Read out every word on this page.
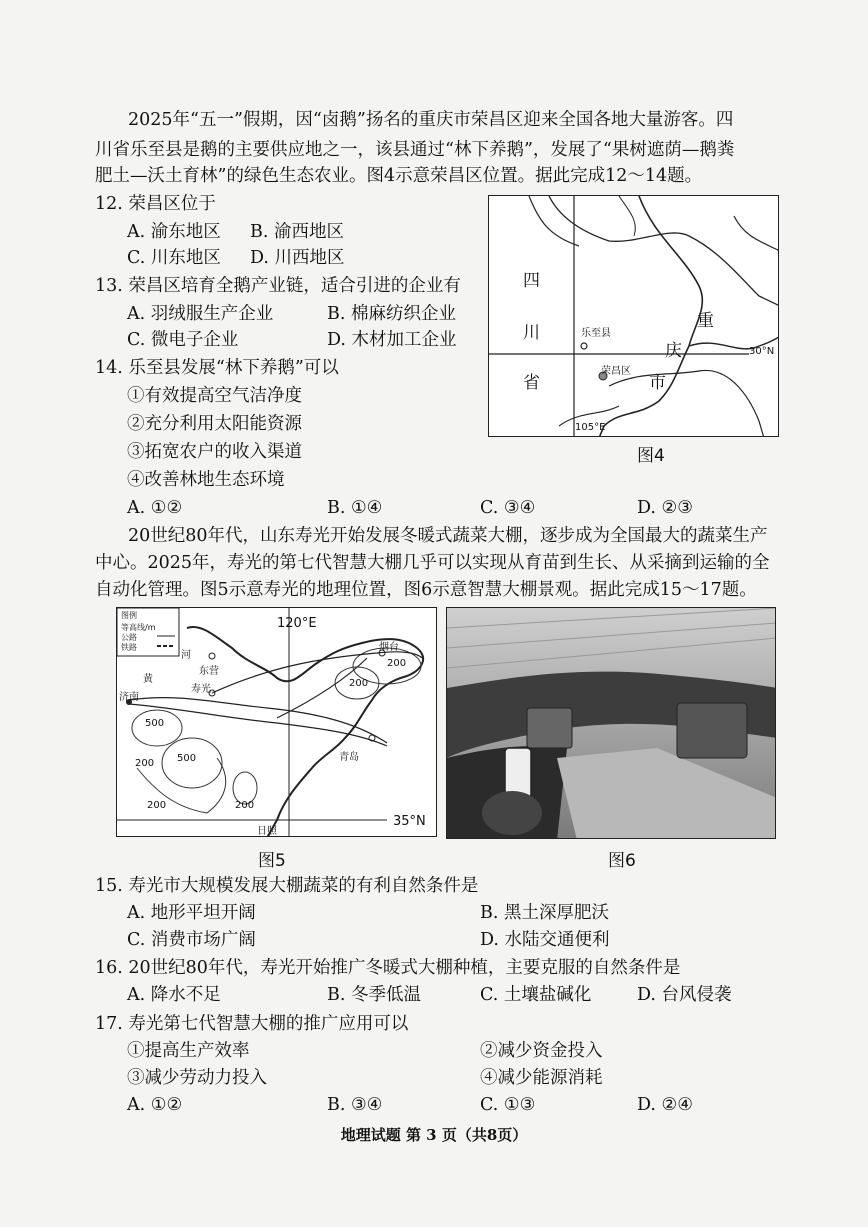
2025年“五一”假期，因“卤鹅”扬名的重庆市荣昌区迎来全国各地大量游客。四
川省乐至县是鹅的主要供应地之一，该县通过“林下养鹅”，发展了“果树遮荫—鹅粪
肥土—沃土育林”的绿色生态农业。图4示意荣昌区位置。据此完成12～14题。
12. 荣昌区位于
A. 渝东地区 B. 渝西地区
C. 川东地区 D. 川西地区
13. 荣昌区培育全鹅产业链，适合引进的企业有
A. 羽绒服生产企业	B. 棉麻纺织企业
C. 微电子企业	D. 木材加工企业
14. 乐至县发展“林下养鹅”可以
①有效提高空气洁净度
②充分利用太阳能资源
③拓宽农户的收入渠道
④改善林地生态环境
A. ①②	B. ①④	C. ③④	D. ②③
四
川
省
重
庆
市
乐至县
荣昌区
30°N
105°E
图4
20世纪80年代，山东寿光开始发展冬暖式蔬菜大棚，逐步成为全国最大的蔬菜生产
中心。2025年，寿光的第七代智慧大棚几乎可以实现从育苗到生长、从采摘到运输的全
自动化管理。图5示意寿光的地理位置，图6示意智慧大棚景观。据此完成15～17题。
图例
等高线/m
公路
铁路
120°E
35°N
烟台
东营
寿光
济南
青岛
日照
河
黄
500
500
200
200	200
200
200
图5	图6
15. 寿光市大规模发展大棚蔬菜的有利自然条件是
A. 地形平坦开阔	B. 黑土深厚肥沃
C. 消费市场广阔	D. 水陆交通便利
16. 20世纪80年代，寿光开始推广冬暖式大棚种植，主要克服的自然条件是
A. 降水不足	B. 冬季低温	C. 土壤盐碱化	D. 台风侵袭
17. 寿光第七代智慧大棚的推广应用可以
①提高生产效率	②减少资金投入
③减少劳动力投入	④减少能源消耗
A. ①②	B. ③④	C. ①③	D. ②④
地理试题 第 3 页（共8页）
